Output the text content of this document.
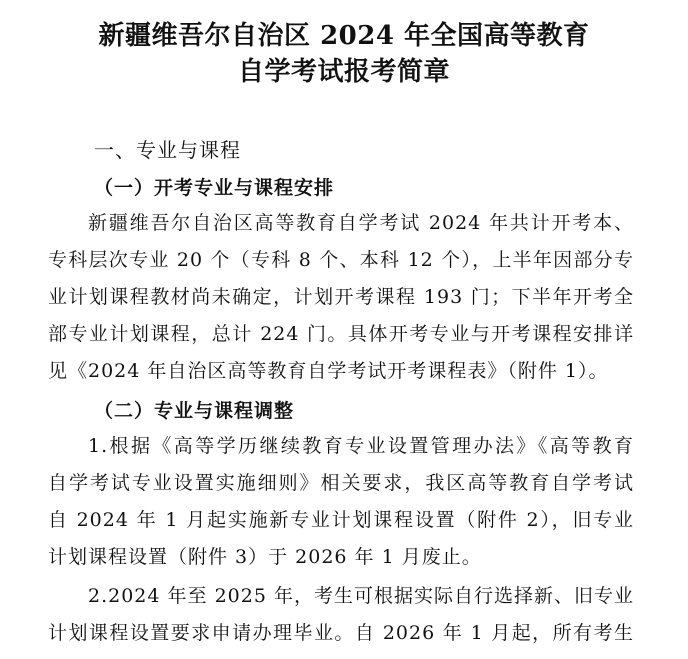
新疆维吾尔自治区 2024 年全国高等教育
自学考试报考简章
一、专业与课程
（一）开考专业与课程安排
新疆维吾尔自治区高等教育自学考试 2024 年共计开考本、
专科层次专业 20 个（专科 8 个、本科 12 个），上半年因部分专
业计划课程教材尚未确定，计划开考课程 193 门；下半年开考全
部专业计划课程，总计 224 门。具体开考专业与开考课程安排详
见《2024 年自治区高等教育自学考试开考课程表》（附件 1）。
（二）专业与课程调整
1.根据《高等学历继续教育专业设置管理办法》《高等教育
自学考试专业设置实施细则》相关要求，我区高等教育自学考试
自 2024 年 1 月起实施新专业计划课程设置（附件 2），旧专业
计划课程设置（附件 3）于 2026 年 1 月废止。
2.2024 年至 2025 年，考生可根据实际自行选择新、旧专业
计划课程设置要求申请办理毕业。自 2026 年 1 月起，所有考生
